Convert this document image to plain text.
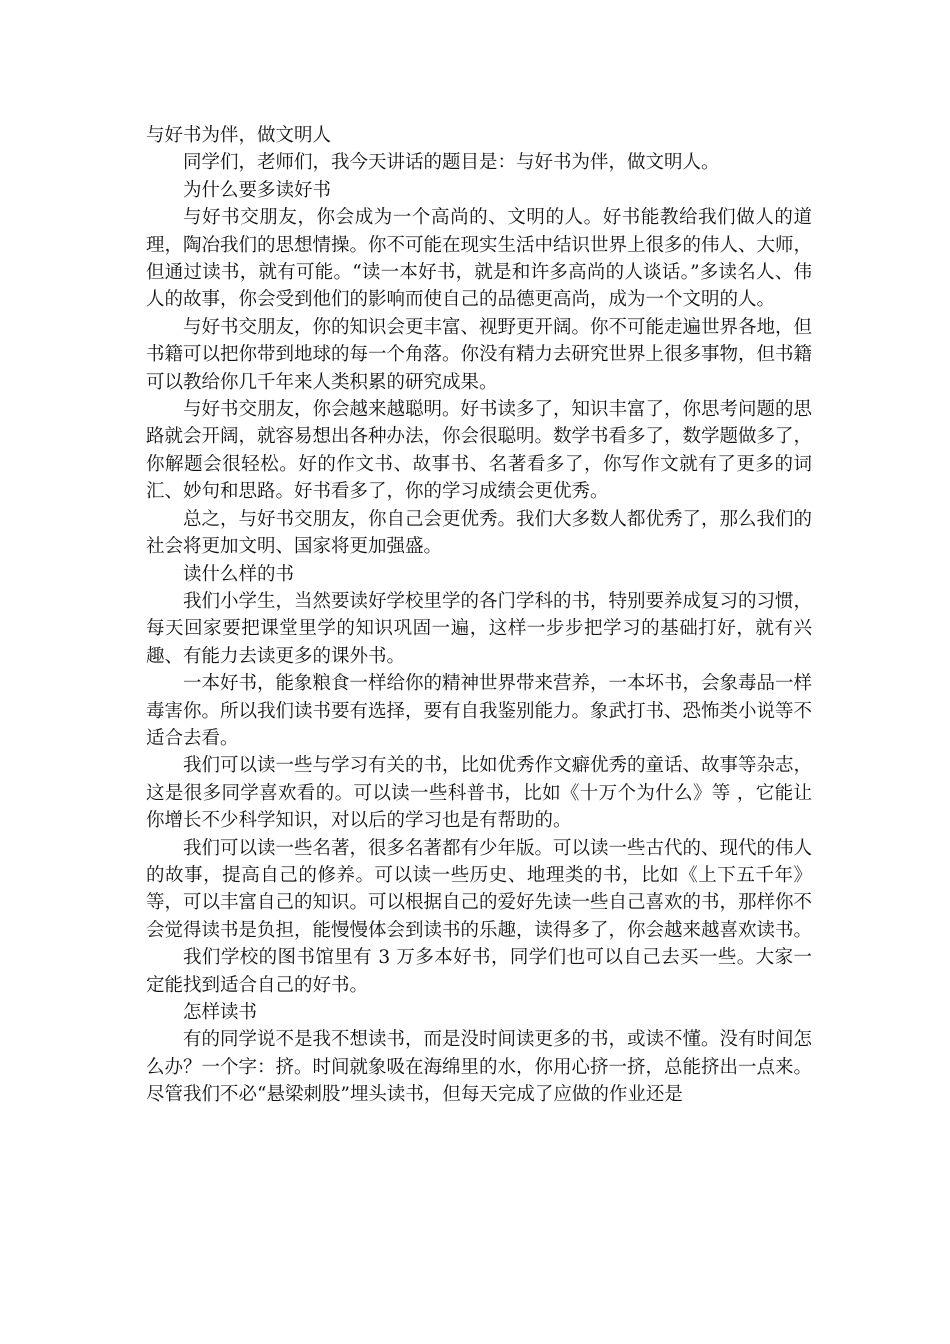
与好书为伴，做文明人

同学们，老师们，我今天讲话的题目是：与好书为伴，做文明人。

为什么要多读好书

与好书交朋友，你会成为一个高尚的、文明的人。好书能教给我们做人的道理，陶冶我们的思想情操。你不可能在现实生活中结识世界上很多的伟人、大师，但通过读书，就有可能。“读一本好书，就是和许多高尚的人谈话。”多读名人、伟人的故事，你会受到他们的影响而使自己的品德更高尚，成为一个文明的人。

与好书交朋友，你的知识会更丰富、视野更开阔。你不可能走遍世界各地，但书籍可以把你带到地球的每一个角落。你没有精力去研究世界上很多事物，但书籍可以教给你几千年来人类积累的研究成果。

与好书交朋友，你会越来越聪明。好书读多了，知识丰富了，你思考问题的思路就会开阔，就容易想出各种办法，你会很聪明。数学书看多了，数学题做多了，你解题会很轻松。好的作文书、故事书、名著看多了，你写作文就有了更多的词汇、妙句和思路。好书看多了，你的学习成绩会更优秀。

总之，与好书交朋友，你自己会更优秀。我们大多数人都优秀了，那么我们的社会将更加文明、国家将更加强盛。

读什么样的书

我们小学生，当然要读好学校里学的各门学科的书，特别要养成复习的习惯，每天回家要把课堂里学的知识巩固一遍，这样一步步把学习的基础打好，就有兴趣、有能力去读更多的课外书。

一本好书，能象粮食一样给你的精神世界带来营养，一本坏书，会象毒品一样毒害你。所以我们读书要有选择，要有自我鉴别能力。象武打书、恐怖类小说等不适合去看。

我们可以读一些与学习有关的书，比如优秀作文癖优秀的童话、故事等杂志，这是很多同学喜欢看的。可以读一些科普书，比如《十万个为什么》等 ，它能让你增长不少科学知识，对以后的学习也是有帮助的。

我们可以读一些名著，很多名著都有少年版。可以读一些古代的、现代的伟人的故事，提高自己的修养。可以读一些历史、地理类的书，比如《上下五千年》等，可以丰富自己的知识。可以根据自己的爱好先读一些自己喜欢的书，那样你不会觉得读书是负担，能慢慢体会到读书的乐趣，读得多了，你会越来越喜欢读书。

我们学校的图书馆里有 3 万多本好书，同学们也可以自己去买一些。大家一定能找到适合自己的好书。

怎样读书

有的同学说不是我不想读书，而是没时间读更多的书，或读不懂。没有时间怎么办？一个字：挤。时间就象吸在海绵里的水，你用心挤一挤，总能挤出一点来。尽管我们不必“悬梁刺股”埋头读书，但每天完成了应做的作业还是
